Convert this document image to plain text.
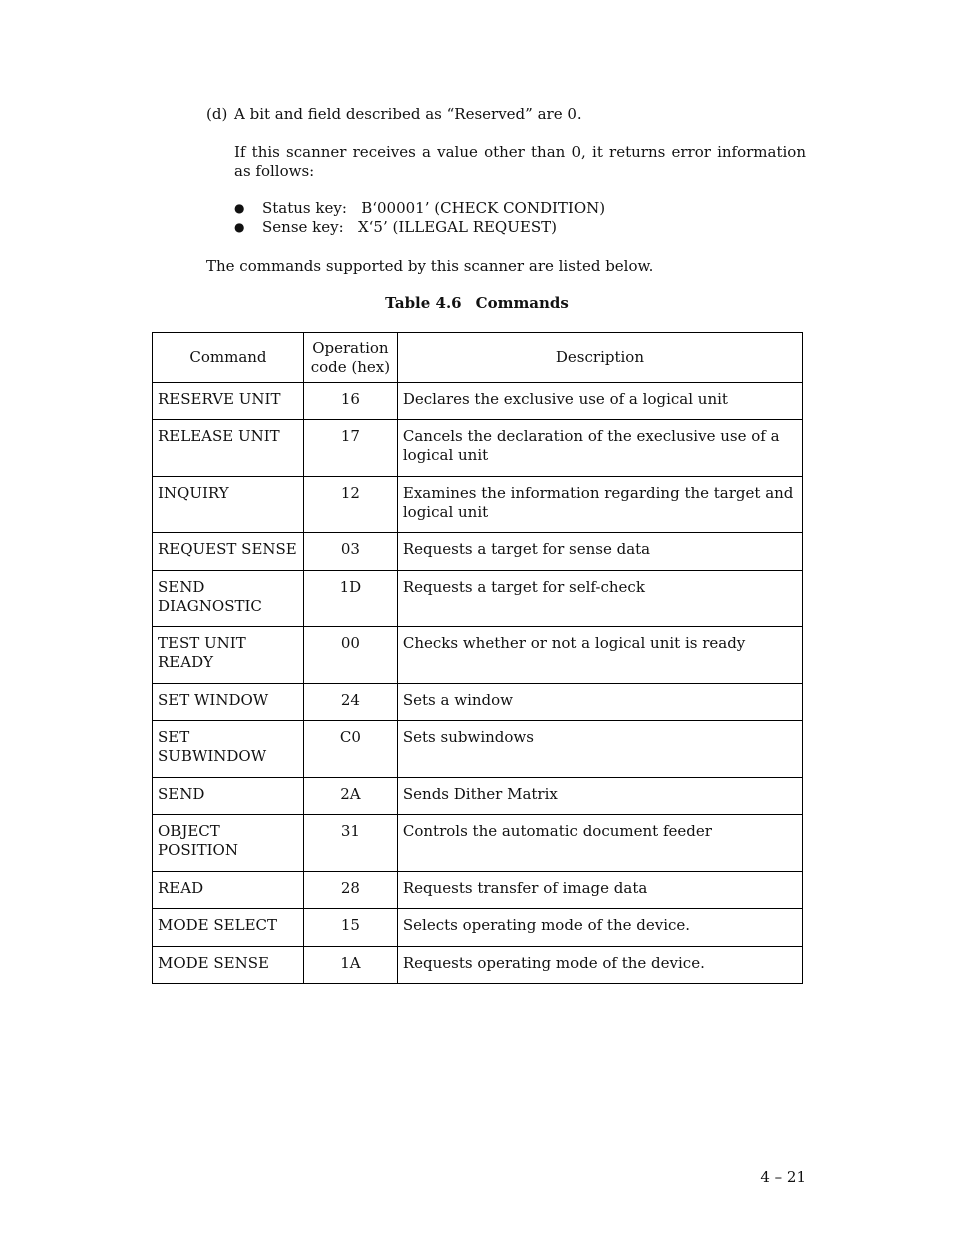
(d) A bit and field described as “Reserved” are 0.
If this scanner receives a value other than 0, it returns error information as follows:
● Status key: B‘00001’ (CHECK CONDITION)
● Sense key: X‘5’ (ILLEGAL REQUEST)
The commands supported by this scanner are listed below.
Table 4.6 Commands
Command	Operation code (hex)	Description
RESERVE UNIT	16	Declares the exclusive use of a logical unit
RELEASE UNIT	17	Cancels the declaration of the execlusive use of a logical unit
INQUIRY	12	Examines the information regarding the target and logical unit
REQUEST SENSE	03	Requests a target for sense data
SEND DIAGNOSTIC	1D	Requests a target for self-check
TEST UNIT READY	00	Checks whether or not a logical unit is ready
SET WINDOW	24	Sets a window
SET SUBWINDOW	C0	Sets subwindows
SEND	2A	Sends Dither Matrix
OBJECT POSITION	31	Controls the automatic document feeder
READ	28	Requests transfer of image data
MODE SELECT	15	Selects operating mode of the device.
MODE SENSE	1A	Requests operating mode of the device.
4 – 21
